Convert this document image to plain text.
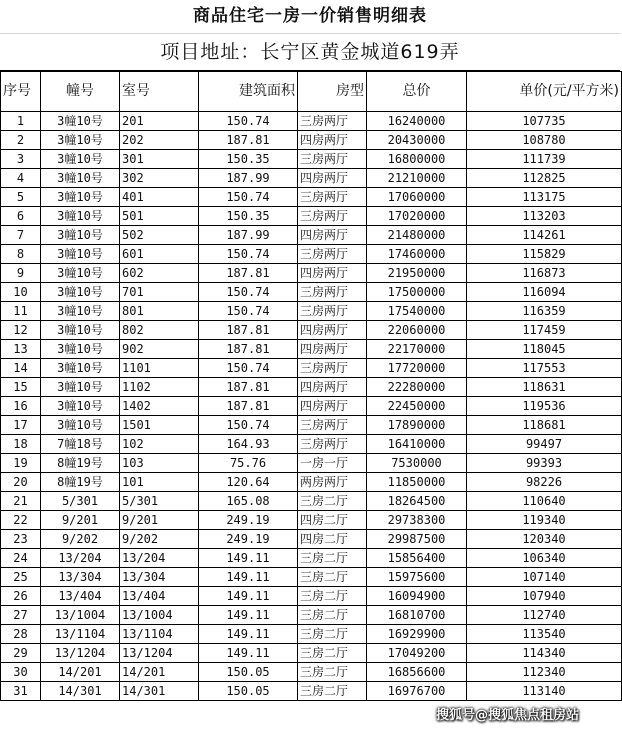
商品住宅一房一价销售明细表
项目地址：长宁区黄金城道619弄
序号	幢号	室号	建筑面积	房型	总价	单价(元/平方米)
1	3幢10号	201	150.74	三房两厅	16240000	107735
2	3幢10号	202	187.81	四房两厅	20430000	108780
3	3幢10号	301	150.35	三房两厅	16800000	111739
4	3幢10号	302	187.99	四房两厅	21210000	112825
5	3幢10号	401	150.74	三房两厅	17060000	113175
6	3幢10号	501	150.35	三房两厅	17020000	113203
7	3幢10号	502	187.99	四房两厅	21480000	114261
8	3幢10号	601	150.74	三房两厅	17460000	115829
9	3幢10号	602	187.81	四房两厅	21950000	116873
10	3幢10号	701	150.74	三房两厅	17500000	116094
11	3幢10号	801	150.74	三房两厅	17540000	116359
12	3幢10号	802	187.81	四房两厅	22060000	117459
13	3幢10号	902	187.81	四房两厅	22170000	118045
14	3幢10号	1101	150.74	三房两厅	17720000	117553
15	3幢10号	1102	187.81	四房两厅	22280000	118631
16	3幢10号	1402	187.81	四房两厅	22450000	119536
17	3幢10号	1501	150.74	三房两厅	17890000	118681
18	7幢18号	102	164.93	三房两厅	16410000	99497
19	8幢19号	103	75.76	一房一厅	7530000	99393
20	8幢19号	101	120.64	两房两厅	11850000	98226
21	5/301	5/301	165.08	三房二厅	18264500	110640
22	9/201	9/201	249.19	四房二厅	29738300	119340
23	9/202	9/202	249.19	四房二厅	29987500	120340
24	13/204	13/204	149.11	三房二厅	15856400	106340
25	13/304	13/304	149.11	三房二厅	15975600	107140
26	13/404	13/404	149.11	三房二厅	16094900	107940
27	13/1004	13/1004	149.11	三房二厅	16810700	112740
28	13/1104	13/1104	149.11	三房二厅	16929900	113540
29	13/1204	13/1204	149.11	三房二厅	17049200	114340
30	14/201	14/201	150.05	三房二厅	16856600	112340
31	14/301	14/301	150.05	三房二厅	16976700	113140
搜狐号@搜狐焦点租房站
